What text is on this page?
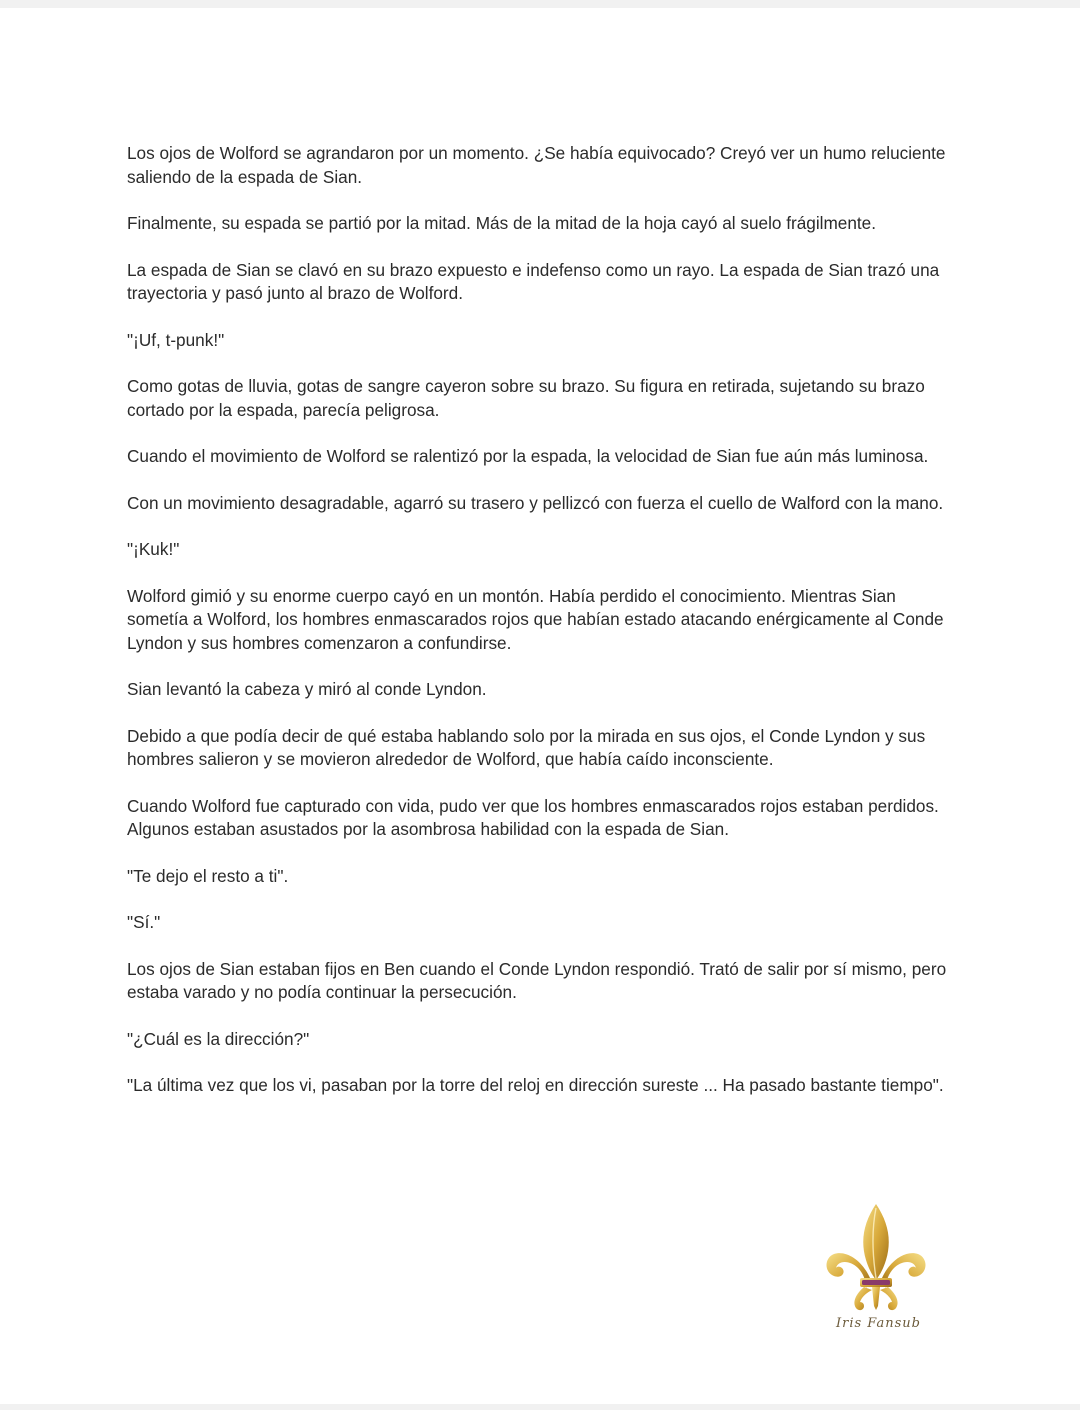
Los ojos de Wolford se agrandaron por un momento. ¿Se había equivocado? Creyó ver un humo reluciente saliendo de la espada de Sian.

Finalmente, su espada se partió por la mitad. Más de la mitad de la hoja cayó al suelo frágilmente.

La espada de Sian se clavó en su brazo expuesto e indefenso como un rayo. La espada de Sian trazó una trayectoria y pasó junto al brazo de Wolford.

"¡Uf, t-punk!"

Como gotas de lluvia, gotas de sangre cayeron sobre su brazo. Su figura en retirada, sujetando su brazo cortado por la espada, parecía peligrosa.

Cuando el movimiento de Wolford se ralentizó por la espada, la velocidad de Sian fue aún más luminosa.

Con un movimiento desagradable, agarró su trasero y pellizcó con fuerza el cuello de Walford con la mano.

"¡Kuk!"

Wolford gimió y su enorme cuerpo cayó en un montón. Había perdido el conocimiento. Mientras Sian sometía a Wolford, los hombres enmascarados rojos que habían estado atacando enérgicamente al Conde Lyndon y sus hombres comenzaron a confundirse.

Sian levantó la cabeza y miró al conde Lyndon.

Debido a que podía decir de qué estaba hablando solo por la mirada en sus ojos, el Conde Lyndon y sus hombres salieron y se movieron alrededor de Wolford, que había caído inconsciente.

Cuando Wolford fue capturado con vida, pudo ver que los hombres enmascarados rojos estaban perdidos. Algunos estaban asustados por la asombrosa habilidad con la espada de Sian.

"Te dejo el resto a ti".

"Sí."

Los ojos de Sian estaban fijos en Ben cuando el Conde Lyndon respondió. Trató de salir por sí mismo, pero estaba varado y no podía continuar la persecución.

"¿Cuál es la dirección?"

"La última vez que los vi, pasaban por la torre del reloj en dirección sureste ... Ha pasado bastante tiempo".

Iris Fansub
